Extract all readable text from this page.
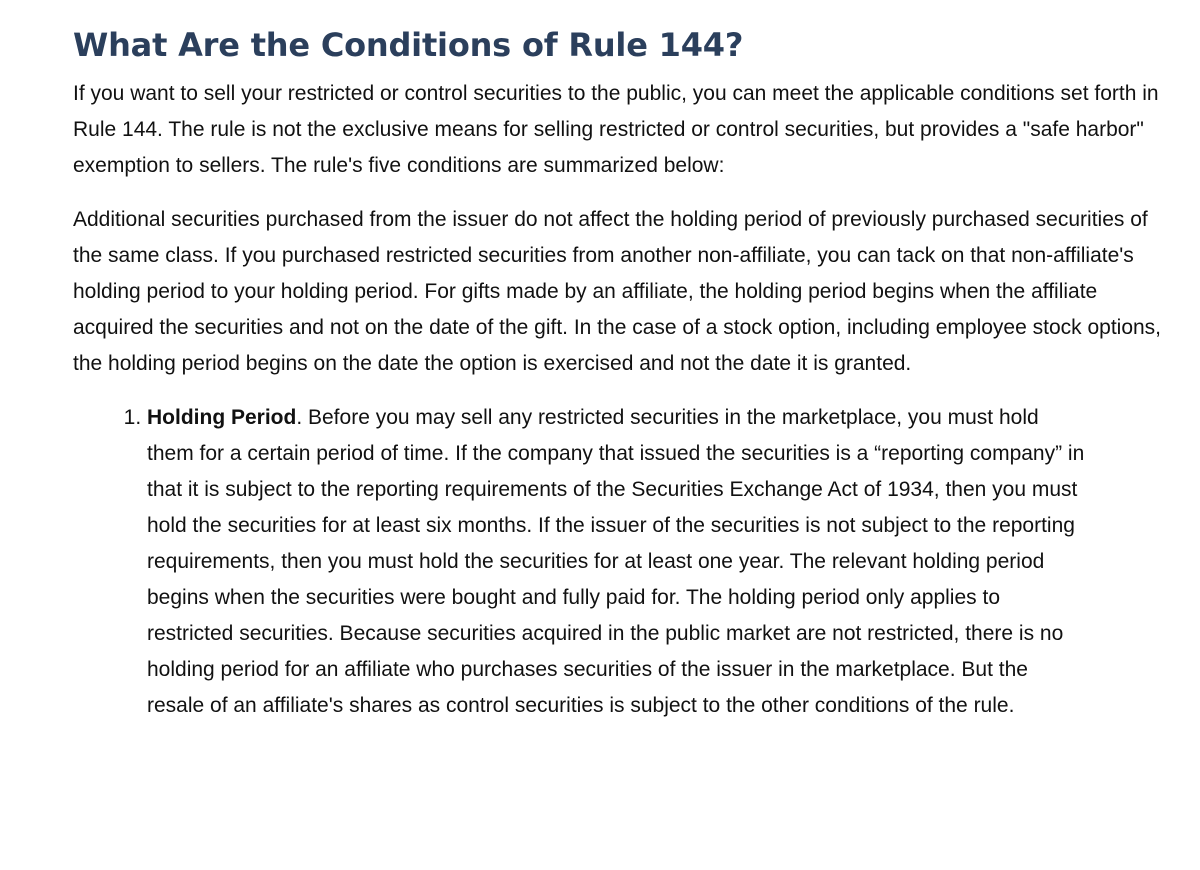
What Are the Conditions of Rule 144?

If you want to sell your restricted or control securities to the public, you can meet the applicable conditions set forth in Rule 144. The rule is not the exclusive means for selling restricted or control securities, but provides a "safe harbor" exemption to sellers. The rule's five conditions are summarized below:

Additional securities purchased from the issuer do not affect the holding period of previously purchased securities of the same class. If you purchased restricted securities from another non-affiliate, you can tack on that non-affiliate's holding period to your holding period. For gifts made by an affiliate, the holding period begins when the affiliate acquired the securities and not on the date of the gift. In the case of a stock option, including employee stock options, the holding period begins on the date the option is exercised and not the date it is granted.

1. Holding Period. Before you may sell any restricted securities in the marketplace, you must hold them for a certain period of time. If the company that issued the securities is a “reporting company” in that it is subject to the reporting requirements of the Securities Exchange Act of 1934, then you must hold the securities for at least six months. If the issuer of the securities is not subject to the reporting requirements, then you must hold the securities for at least one year. The relevant holding period begins when the securities were bought and fully paid for. The holding period only applies to restricted securities. Because securities acquired in the public market are not restricted, there is no holding period for an affiliate who purchases securities of the issuer in the marketplace. But the resale of an affiliate's shares as control securities is subject to the other conditions of the rule.
